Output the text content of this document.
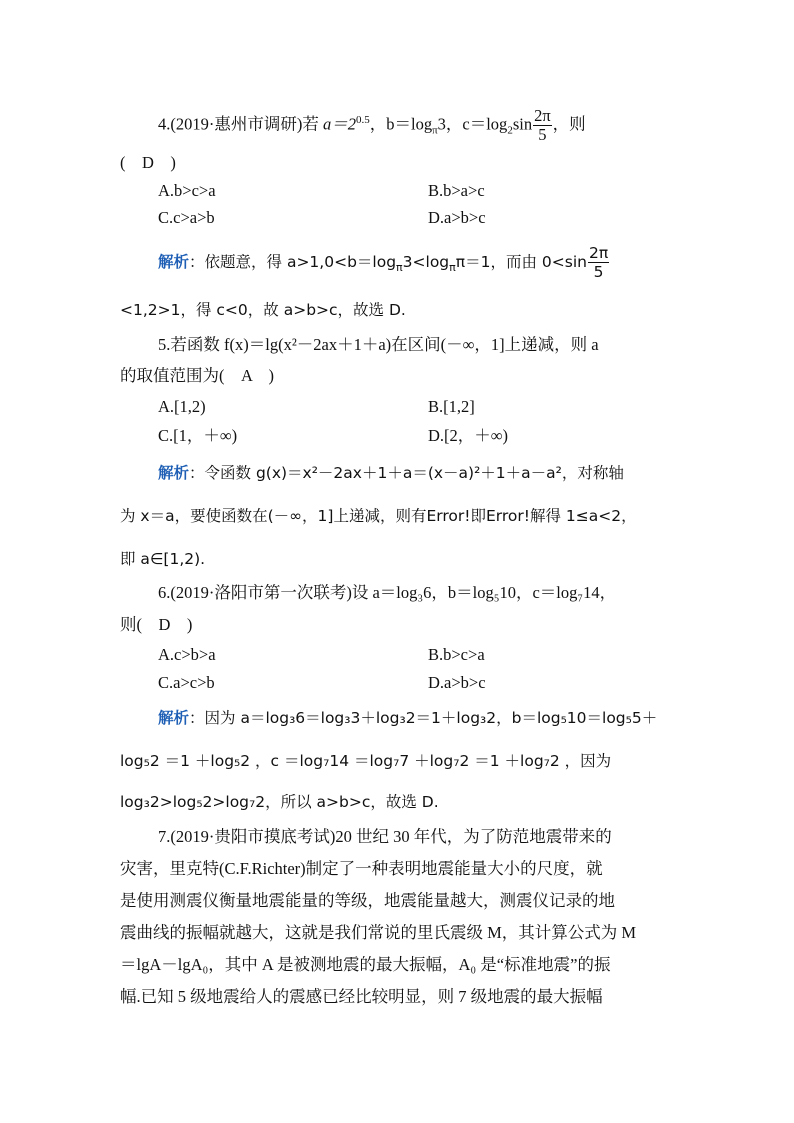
4.(2019·惠州市调研)若 $a=2^{0.5}$，$b=\log_\pi 3$，$c=\log_2\sin \frac{2\pi}{5}$ ，则
(　D　)
A.b>c>a	B.b>a>c
C.c>a>b	D.a>b>c
解析：依题意，得 $a>1,0<b=\log_\pi 3<\log_\pi\pi=1$，而由 $0<\sin \frac{2\pi}{5}$
<1,2>1，得 c<0，故 a>b>c，故选 D.
5.若函数 f(x)＝lg(x²－2ax＋1＋a)在区间(－∞，1]上递减，则 a
的取值范围为(　A　)
A.[1,2)	B.[1,2]
C.[1，＋∞)	D.[2，＋∞)
解析：令函数 g(x)＝x²－2ax＋1＋a＝(x－a)²＋1＋a－a²，对称轴
为 x＝a，要使函数在(－∞，1]上递减，则有Error!即Error!解得 1≤a<2，
即 a∈[1,2).
6.(2019·洛阳市第一次联考)设 a＝log₃6，b＝log₅10，c＝log₇14，
则(　D　)
A.c>b>a	B.b>c>a
C.a>c>b	D.a>b>c
解析：因为 a＝log₃6＝log₃3＋log₃2＝1＋log₃2，b＝log₅10＝log₅5＋
log₅2 ＝1 ＋log₅2 ，c ＝log₇14 ＝log₇7 ＋log₇2 ＝1 ＋log₇2 ，因为
log₃2>log₅2>log₇2，所以 a>b>c，故选 D.
7.(2019·贵阳市摸底考试)20 世纪 30 年代，为了防范地震带来的
灾害，里克特(C.F.Richter)制定了一种表明地震能量大小的尺度，就
是使用测震仪衡量地震能量的等级，地震能量越大，测震仪记录的地
震曲线的振幅就越大，这就是我们常说的里氏震级 M，其计算公式为 M
＝lgA－lgA₀，其中 A 是被测地震的最大振幅，A₀ 是“标准地震”的振
幅.已知 5 级地震给人的震感已经比较明显，则 7 级地震的最大振幅
